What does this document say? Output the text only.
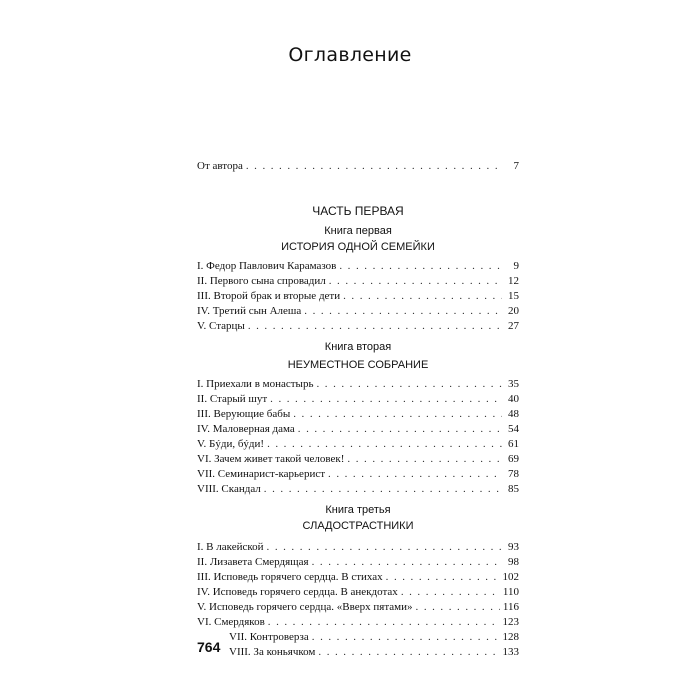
Оглавление
От автора . . .	7
ЧАСТЬ ПЕРВАЯ
Книга первая
ИСТОРИЯ ОДНОЙ СЕМЕЙКИ
I. Федор Павлович Карамазов . . .	9
II. Первого сына спровадил . . .	12
III. Второй брак и вторые дети . . .	15
IV. Третий сын Алеша . . .	20
V. Старцы . . .	27
Книга вторая
НЕУМЕСТНОЕ СОБРАНИЕ
I. Приехали в монастырь . . .	35
II. Старый шут . . .	40
III. Верующие бабы . . .	48
IV. Маловерная дама . . .	54
V. Бýди, бýди! . . .	61
VI. Зачем живет такой человек! . . .	69
VII. Семинарист-карьерист . . .	78
VIII. Скандал . . .	85
Книга третья
СЛАДОСТРАСТНИКИ
I. В лакейской . . .	93
II. Лизавета Смердящая . . .	98
III. Исповедь горячего сердца. В стихах . . .	102
IV. Исповедь горячего сердца. В анекдотах . . .	110
V. Исповедь горячего сердца. «Вверх пятами» . . .	116
VI. Смердяков . . .	123
VII. Контроверза . . .	128
VIII. За коньячком . . .	133
764
